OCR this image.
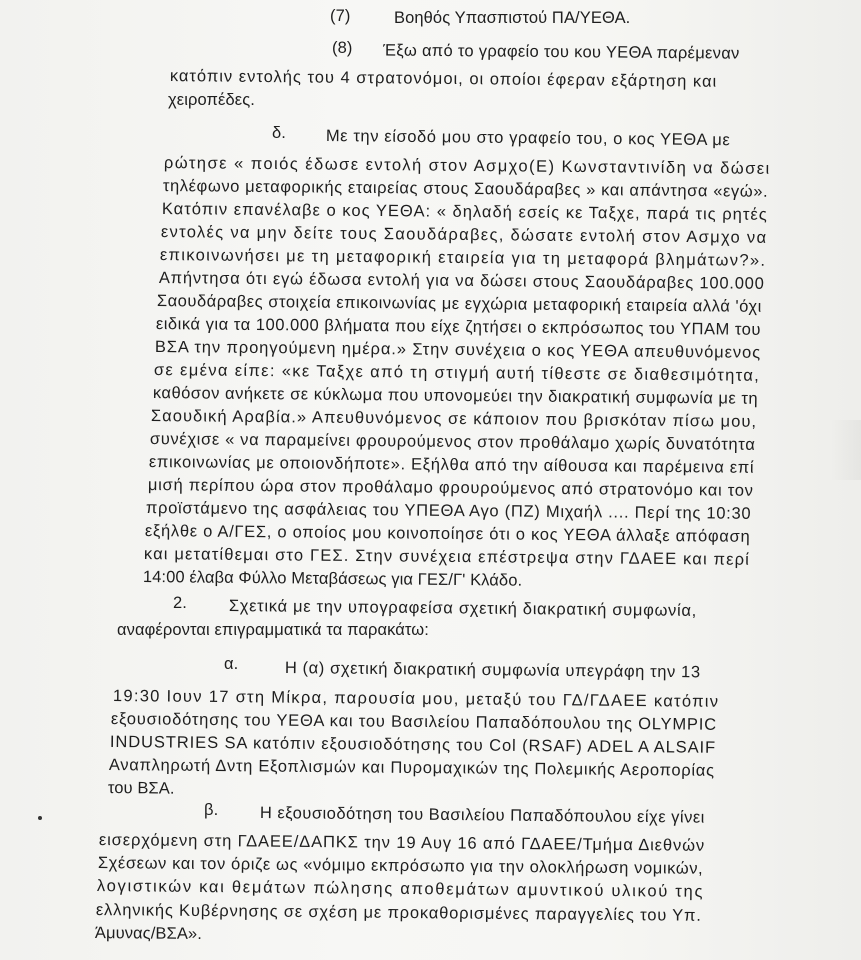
(7)	Βοηθός Υπασπιστού ΠΑ/ΥΕΘΑ.
(8) Έξω από το γραφείο του κου ΥΕΘΑ παρέμεναν
κατόπιν εντολής του 4 στρατονόμοι, οι οποίοι έφεραν εξάρτηση και
χειροπέδες.
δ. Με την είσοδό μου στο γραφείο του, ο κος ΥΕΘΑ με
ρώτησε « ποιός έδωσε εντολή στον Ασμχο(Ε) Κωνσταντινίδη να δώσει
τηλέφωνο μεταφορικής εταιρείας στους Σαουδάραβες » και απάντησα «εγώ».
Κατόπιν επανέλαβε ο κος ΥΕΘΑ: « δηλαδή εσείς κε Ταξχε, παρά τις ρητές
εντολές να μην δείτε τους Σαουδάραβες, δώσατε εντολή στον Ασμχο να
επικοινωνήσει με τη μεταφορική εταιρεία για τη μεταφορά βλημάτων?».
Απήντησα ότι εγώ έδωσα εντολή για να δώσει στους Σαουδάραβες 100.000
Σαουδάραβες στοιχεία επικοινωνίας με εγχώρια μεταφορική εταιρεία αλλά 'όχι
ειδικά για τα 100.000 βλήματα που είχε ζητήσει ο εκπρόσωπος του ΥΠΑΜ του
ΒΣΑ την προηγούμενη ημέρα.» Στην συνέχεια ο κος ΥΕΘΑ απευθυνόμενος
σε εμένα είπε: «κε Ταξχε από τη στιγμή αυτή τίθεστε σε διαθεσιμότητα,
καθόσον ανήκετε σε κύκλωμα που υπονομεύει την διακρατική συμφωνία με τη
Σαουδική Αραβία.» Απευθυνόμενος σε κάποιον που βρισκόταν πίσω μου,
συνέχισε « να παραμείνει φρουρούμενος στον προθάλαμο χωρίς δυνατότητα
επικοινωνίας με οποιονδήποτε». Εξήλθα από την αίθουσα και παρέμεινα επί
μισή περίπου ώρα στον προθάλαμο φρουρούμενος από στρατονόμο και τον
προϊστάμενο της ασφάλειας του ΥΠΕΘΑ Αγο (ΠΖ) Μιχαήλ .... Περί της 10:30
εξήλθε ο Α/ΓΕΣ, ο οποίος μου κοινοποίησε ότι ο κος ΥΕΘΑ άλλαξε απόφαση
και μετατίθεμαι στο ΓΕΣ. Στην συνέχεια επέστρεψα στην ΓΔΑΕΕ και περί
14:00 έλαβα Φύλλο Μεταβάσεως για ΓΕΣ/Γ' Κλάδο.
2.	Σχετικά με την υπογραφείσα σχετική διακρατική συμφωνία,
αναφέρονται επιγραμματικά τα παρακάτω:
α.	Η (α) σχετική διακρατική συμφωνία υπεγράφη την 13
19:30 Ιουν 17 στη Μίκρα, παρουσία μου, μεταξύ του ΓΔ/ΓΔΑΕΕ κατόπιν
εξουσιοδότησης του ΥΕΘΑ και του Βασιλείου Παπαδόπουλου της OLYMPIC
INDUSTRIES SA κατόπιν εξουσιοδότησης του Col (RSAF) ADEL A ALSAIF
Αναπληρωτή Δντη Εξοπλισμών και Πυρομαχικών της Πολεμικής Αεροπορίας
του ΒΣΑ.
β.	Η εξουσιοδότηση του Βασιλείου Παπαδόπουλου είχε γίνει
εισερχόμενη στη ΓΔΑΕΕ/ΔΑΠΚΣ την 19 Αυγ 16 από ΓΔΑΕΕ/Τμήμα Διεθνών
Σχέσεων και τον όριζε ως «νόμιμο εκπρόσωπο για την ολοκλήρωση νομικών,
λογιστικών και θεμάτων πώλησης αποθεμάτων αμυντικού υλικού της
ελληνικής Κυβέρνησης σε σχέση με προκαθορισμένες παραγγελίες του Υπ.
Άμυνας/ΒΣΑ».
